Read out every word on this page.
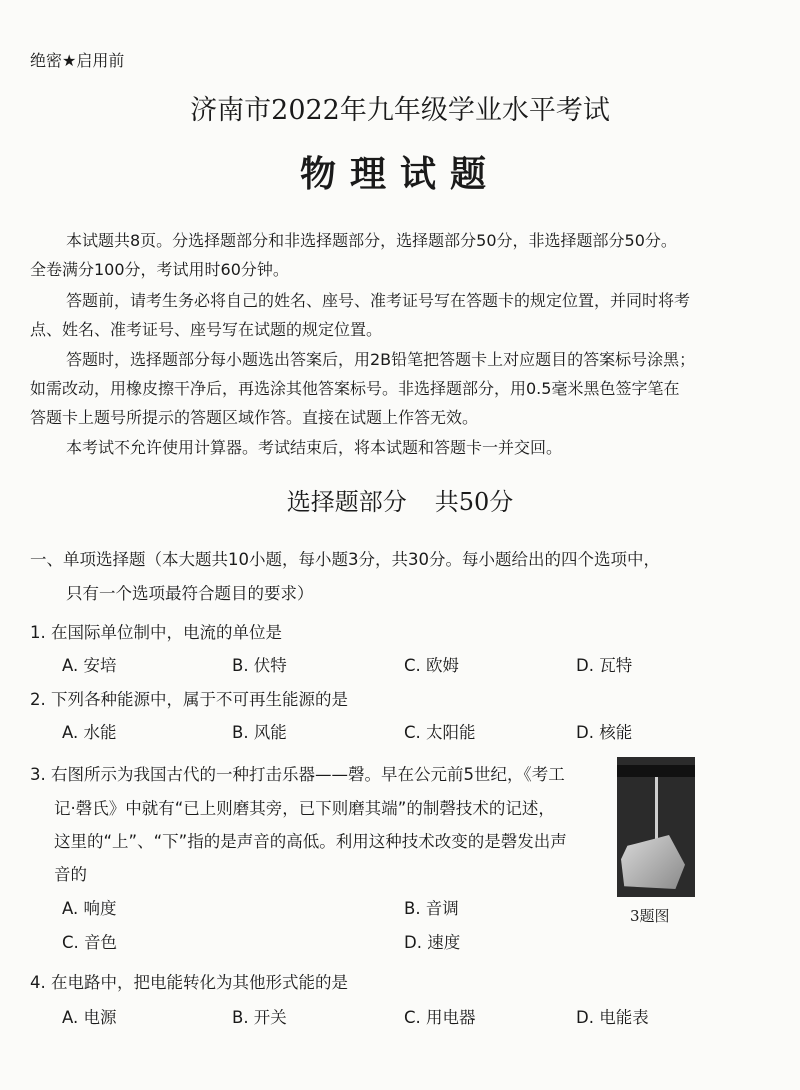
绝密★启用前
济南市2022年九年级学业水平考试
物理试题
本试题共8页。分选择题部分和非选择题部分，选择题部分50分，非选择题部分50分。
全卷满分100分，考试用时60分钟。
答题前，请考生务必将自己的姓名、座号、准考证号写在答题卡的规定位置，并同时将考
点、姓名、准考证号、座号写在试题的规定位置。
答题时，选择题部分每小题选出答案后，用2B铅笔把答题卡上对应题目的答案标号涂黑；
如需改动，用橡皮擦干净后，再选涂其他答案标号。非选择题部分，用0.5毫米黑色签字笔在
答题卡上题号所提示的答题区域作答。直接在试题上作答无效。
本考试不允许使用计算器。考试结束后，将本试题和答题卡一并交回。
选择题部分 共50分
一、单项选择题（本大题共10小题，每小题3分，共30分。每小题给出的四个选项中，
只有一个选项最符合题目的要求）
1. 在国际单位制中，电流的单位是
A. 安培	B. 伏特	C. 欧姆	D. 瓦特
2. 下列各种能源中，属于不可再生能源的是
A. 水能	B. 风能	C. 太阳能	D. 核能
3. 右图所示为我国古代的一种打击乐器——磬。早在公元前5世纪，《考工
记·磬氏》中就有“已上则磨其旁，已下则磨其端”的制磬技术的记述，
这里的“上”、“下”指的是声音的高低。利用这种技术改变的是磬发出声
音的
A. 响度	B. 音调
C. 音色	D. 速度
3题图
4. 在电路中，把电能转化为其他形式能的是
A. 电源	B. 开关	C. 用电器	D. 电能表
